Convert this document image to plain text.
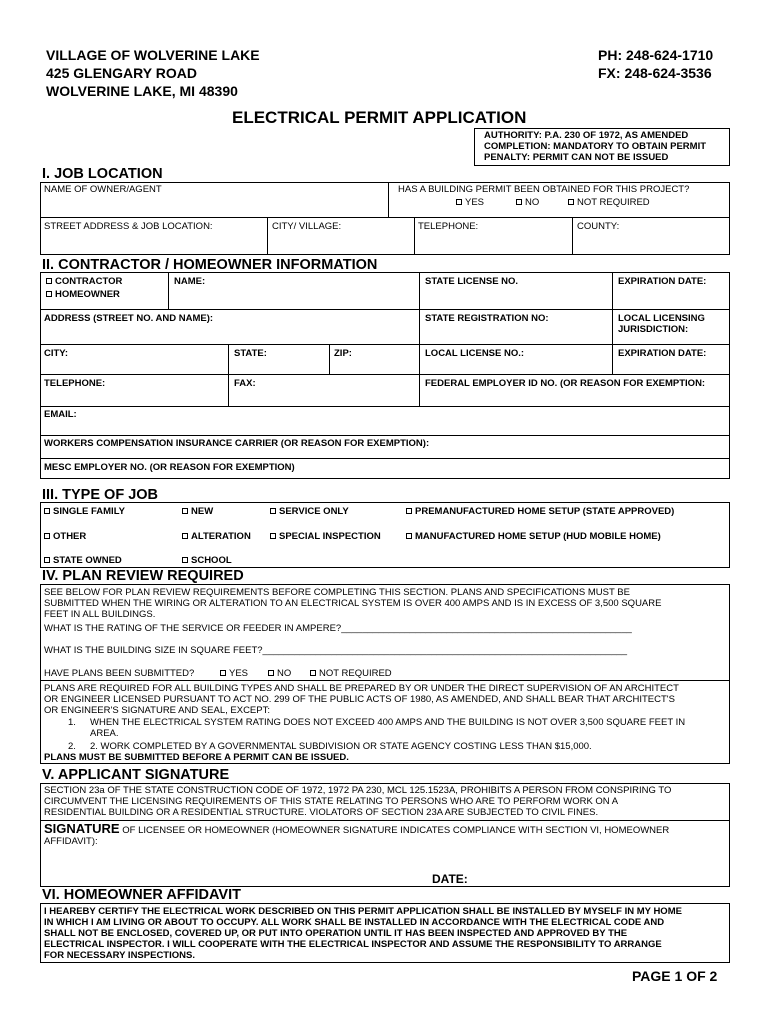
VILLAGE OF WOLVERINE LAKE
425 GLENGARY ROAD
WOLVERINE LAKE, MI 48390
PH: 248-624-1710
FX: 248-624-3536
ELECTRICAL PERMIT APPLICATION
AUTHORITY: P.A. 230 OF 1972, AS AMENDED
COMPLETION: MANDATORY TO OBTAIN PERMIT
PENALTY: PERMIT CAN NOT BE ISSUED
I. JOB LOCATION
NAME OF OWNER/AGENT	HAS A BUILDING PERMIT BEEN OBTAINED FOR THIS PROJECT?
YES	NO	NOT REQUIRED
STREET ADDRESS & JOB LOCATION:	CITY/ VILLAGE:	TELEPHONE:	COUNTY:
II. CONTRACTOR / HOMEOWNER INFORMATION
CONTRACTOR
HOMEOWNER
NAME:	STATE LICENSE NO.	EXPIRATION DATE:
ADDRESS (STREET NO. AND NAME):	STATE REGISTRATION NO:	LOCAL LICENSING
JURISDICTION:
CITY:	STATE:	ZIP:	LOCAL LICENSE NO.:	EXPIRATION DATE:
TELEPHONE:	FAX:	FEDERAL EMPLOYER ID NO. (OR REASON FOR EXEMPTION:
EMAIL:
WORKERS COMPENSATION INSURANCE CARRIER (OR REASON FOR EXEMPTION):
MESC EMPLOYER NO. (OR REASON FOR EXEMPTION)
III. TYPE OF JOB
SINGLE FAMILY	NEW	SERVICE ONLY	PREMANUFACTURED HOME SETUP (STATE APPROVED)
OTHER	ALTERATION	SPECIAL INSPECTION	MANUFACTURED HOME SETUP (HUD MOBILE HOME)
STATE OWNED	SCHOOL
IV. PLAN REVIEW REQUIRED
SEE BELOW FOR PLAN REVIEW REQUIREMENTS BEFORE COMPLETING THIS SECTION. PLANS AND SPECIFICATIONS MUST BE
SUBMITTED WHEN THE WIRING OR ALTERATION TO AN ELECTRICAL SYSTEM IS OVER 400 AMPS AND IS IN EXCESS OF 3,500 SQUARE
FEET IN ALL BUILDINGS.
WHAT IS THE RATING OF THE SERVICE OR FEEDER IN AMPERE?_______________________________________________________
WHAT IS THE BUILDING SIZE IN SQUARE FEET?_____________________________________________________________________
HAVE PLANS BEEN SUBMITTED?	YES	NO	NOT REQUIRED
PLANS ARE REQUIRED FOR ALL BUILDING TYPES AND SHALL BE PREPARED BY OR UNDER THE DIRECT SUPERVISION OF AN ARCHITECT
OR ENGINEER LICENSED PURSUANT TO ACT NO. 299 OF THE PUBLIC ACTS OF 1980, AS AMENDED, AND SHALL BEAR THAT ARCHITECT'S
OR ENGINEER'S SIGNATURE AND SEAL, EXCEPT:
1. WHEN THE ELECTRICAL SYSTEM RATING DOES NOT EXCEED 400 AMPS AND THE BUILDING IS NOT OVER 3,500 SQUARE FEET IN
AREA.
2. 2. WORK COMPLETED BY A GOVERNMENTAL SUBDIVISION OR STATE AGENCY COSTING LESS THAN $15,000.
PLANS MUST BE SUBMITTED BEFORE A PERMIT CAN BE ISSUED.
V. APPLICANT SIGNATURE
SECTION 23a OF THE STATE CONSTRUCTION CODE OF 1972, 1972 PA 230, MCL 125.1523A, PROHIBITS A PERSON FROM CONSPIRING TO
CIRCUMVENT THE LICENSING REQUIREMENTS OF THIS STATE RELATING TO PERSONS WHO ARE TO PERFORM WORK ON A
RESIDENTIAL BUILDING OR A RESIDENTIAL STRUCTURE. VIOLATORS OF SECTION 23A ARE SUBJECTED TO CIVIL FINES.
SIGNATURE OF LICENSEE OR HOMEOWNER (HOMEOWNER SIGNATURE INDICATES COMPLIANCE WITH SECTION VI, HOMEOWNER
AFFIDAVIT):
DATE:
VI. HOMEOWNER AFFIDAVIT
I HEAREBY CERTIFY THE ELECTRICAL WORK DESCRIBED ON THIS PERMIT APPLICATION SHALL BE INSTALLED BY MYSELF IN MY HOME
IN WHICH I AM LIVING OR ABOUT TO OCCUPY. ALL WORK SHALL BE INSTALLED IN ACCORDANCE WITH THE ELECTRICAL CODE AND
SHALL NOT BE ENCLOSED, COVERED UP, OR PUT INTO OPERATION UNTIL IT HAS BEEN INSPECTED AND APPROVED BY THE
ELECTRICAL INSPECTOR. I WILL COOPERATE WITH THE ELECTRICAL INSPECTOR AND ASSUME THE RESPONSIBILITY TO ARRANGE
FOR NECESSARY INSPECTIONS.
PAGE 1 OF 2
